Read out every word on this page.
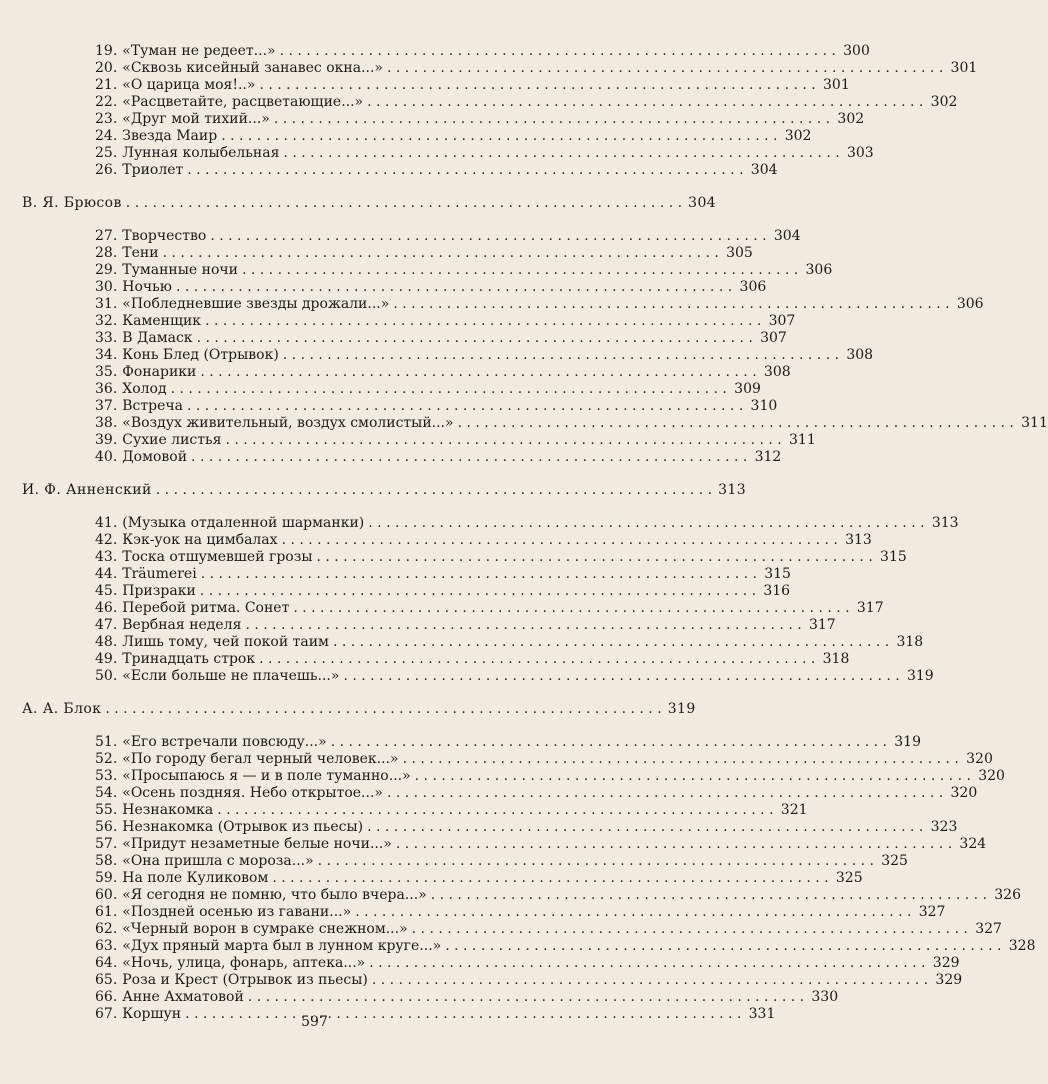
19. «Туман не редеет...» . . .	300
20. «Сквозь кисейный занавес окна...» . . .	301
21. «О царица моя!..» . . .	301
22. «Расцветайте, расцветающие...» . . .	302
23. «Друг мой тихий...» . . .	302
24. Звезда Маир . . .	302
25. Лунная колыбельная . . .	303
26. Триолет . . .	304
В. Я. Брюсов . . .	304
27. Творчество . . .	304
28. Тени . . .	305
29. Туманные ночи . . .	306
30. Ночью . . .	306
31. «Побледневшие звезды дрожали...» . . .	306
32. Каменщик . . .	307
33. В Дамаск . . .	307
34. Конь Блед (Отрывок) . . .	308
35. Фонарики . . .	308
36. Холод . . .	309
37. Встреча . . .	310
38. «Воздух живительный, воздух смолистый...» . . .	311
39. Сухие листья . . .	311
40. Домовой . . .	312
И. Ф. Анненский . . .	313
41. (Музыка отдаленной шарманки) . . .	313
42. Кэк-уок на цимбалах . . .	313
43. Тоска отшумевшей грозы . . .	315
44. Träumerei . . .	315
45. Призраки . . .	316
46. Перебой ритма. Сонет . . .	317
47. Вербная неделя . . .	317
48. Лишь тому, чей покой таим . . .	318
49. Тринадцать строк . . .	318
50. «Если больше не плачешь...» . . .	319
А. А. Блок . . .	319
51. «Его встречали повсюду...» . . .	319
52. «По городу бегал черный человек...» . . .	320
53. «Просыпаюсь я — и в поле туманно...» . . .	320
54. «Осень поздняя. Небо открытое...» . . .	320
55. Незнакомка . . .	321
56. Незнакомка (Отрывок из пьесы) . . .	323
57. «Придут незаметные белые ночи...» . . .	324
58. «Она пришла с мороза...» . . .	325
59. На поле Куликовом . . .	325
60. «Я сегодня не помню, что было вчера...» . . .	326
61. «Поздней осенью из гавани...» . . .	327
62. «Черный ворон в сумраке снежном...» . . .	327
63. «Дух пряный марта был в лунном круге...» . . .	328
64. «Ночь, улица, фонарь, аптека...» . . .	329
65. Роза и Крест (Отрывок из пьесы) . . .	329
66. Анне Ахматовой . . .	330
67. Коршун . . .	331
597
